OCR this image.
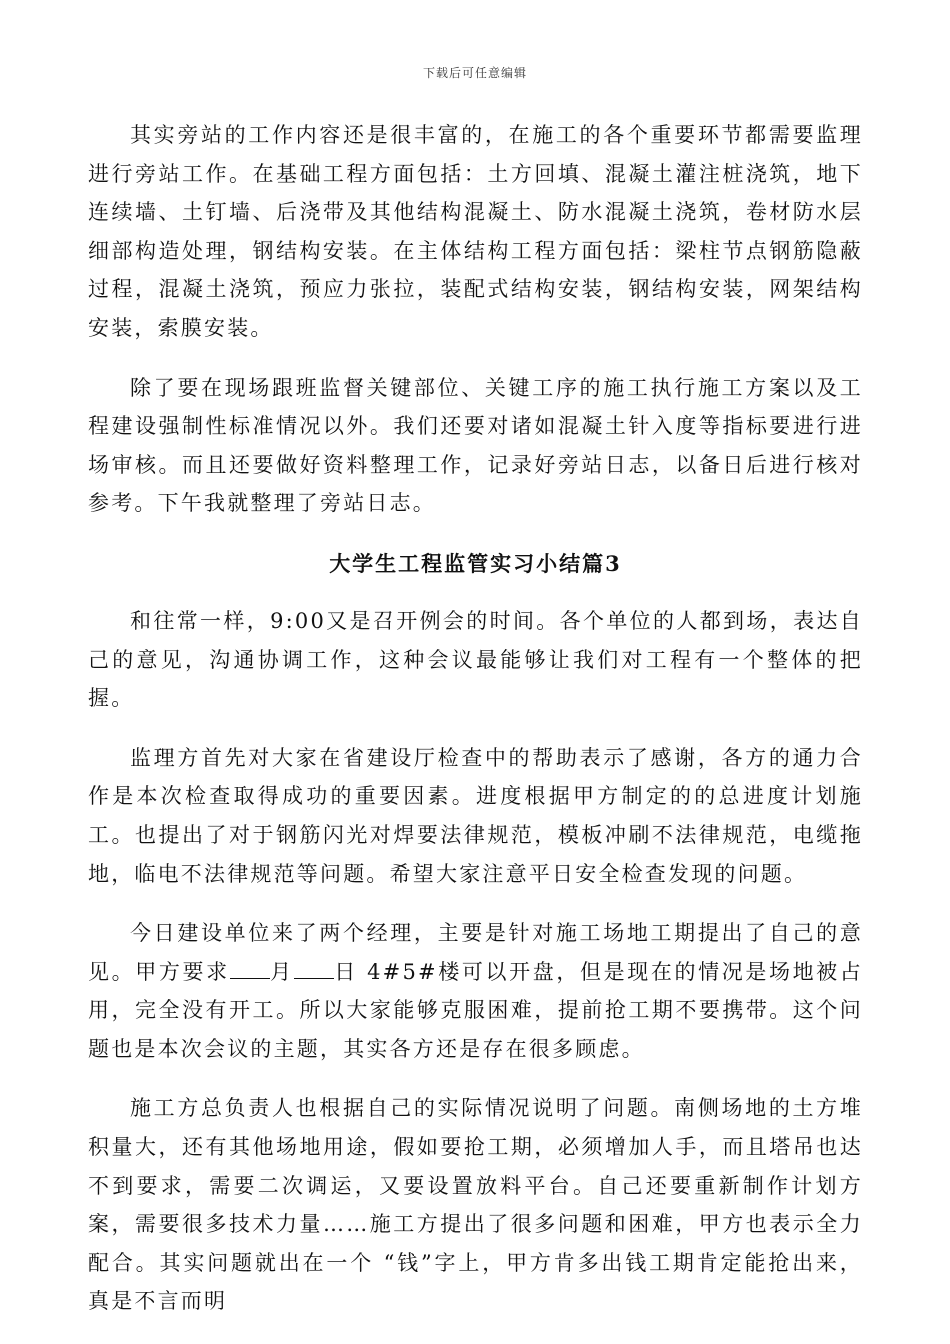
下载后可任意编辑

其实旁站的工作内容还是很丰富的，在施工的各个重要环节都需要监理进行旁站工作。在基础工程方面包括：土方回填、混凝土灌注桩浇筑，地下连续墙、土钉墙、后浇带及其他结构混凝土、防水混凝土浇筑，卷材防水层细部构造处理，钢结构安装。在主体结构工程方面包括：梁柱节点钢筋隐蔽过程，混凝土浇筑，预应力张拉，装配式结构安装，钢结构安装，网架结构安装，索膜安装。

除了要在现场跟班监督关键部位、关键工序的施工执行施工方案以及工程建设强制性标准情况以外。我们还要对诸如混凝土针入度等指标要进行进场审核。而且还要做好资料整理工作，记录好旁站日志，以备日后进行核对参考。下午我就整理了旁站日志。

大学生工程监管实习小结篇3

和往常一样，9:00又是召开例会的时间。各个单位的人都到场，表达自己的意见，沟通协调工作，这种会议最能够让我们对工程有一个整体的把握。

监理方首先对大家在省建设厅检查中的帮助表示了感谢，各方的通力合作是本次检查取得成功的重要因素。进度根据甲方制定的的总进度计划施工。也提出了对于钢筋闪光对焊要法律规范，模板冲刷不法律规范，电缆拖地，临电不法律规范等问题。希望大家注意平日安全检查发现的问题。

今日建设单位来了两个经理，主要是针对施工场地工期提出了自己的意见。甲方要求 月 日 4#5#楼可以开盘，但是现在的情况是场地被占用，完全没有开工。所以大家能够克服困难，提前抢工期不要携带。这个问题也是本次会议的主题，其实各方还是存在很多顾虑。

施工方总负责人也根据自己的实际情况说明了问题。南侧场地的土方堆积量大，还有其他场地用途，假如要抢工期，必须增加人手，而且塔吊也达不到要求，需要二次调运，又要设置放料平台。自己还要重新制作计划方案，需要很多技术力量……施工方提出了很多问题和困难，甲方也表示全力配合。其实问题就出在一个 “钱”字上，甲方肯多出钱工期肯定能抢出来，真是不言而明
